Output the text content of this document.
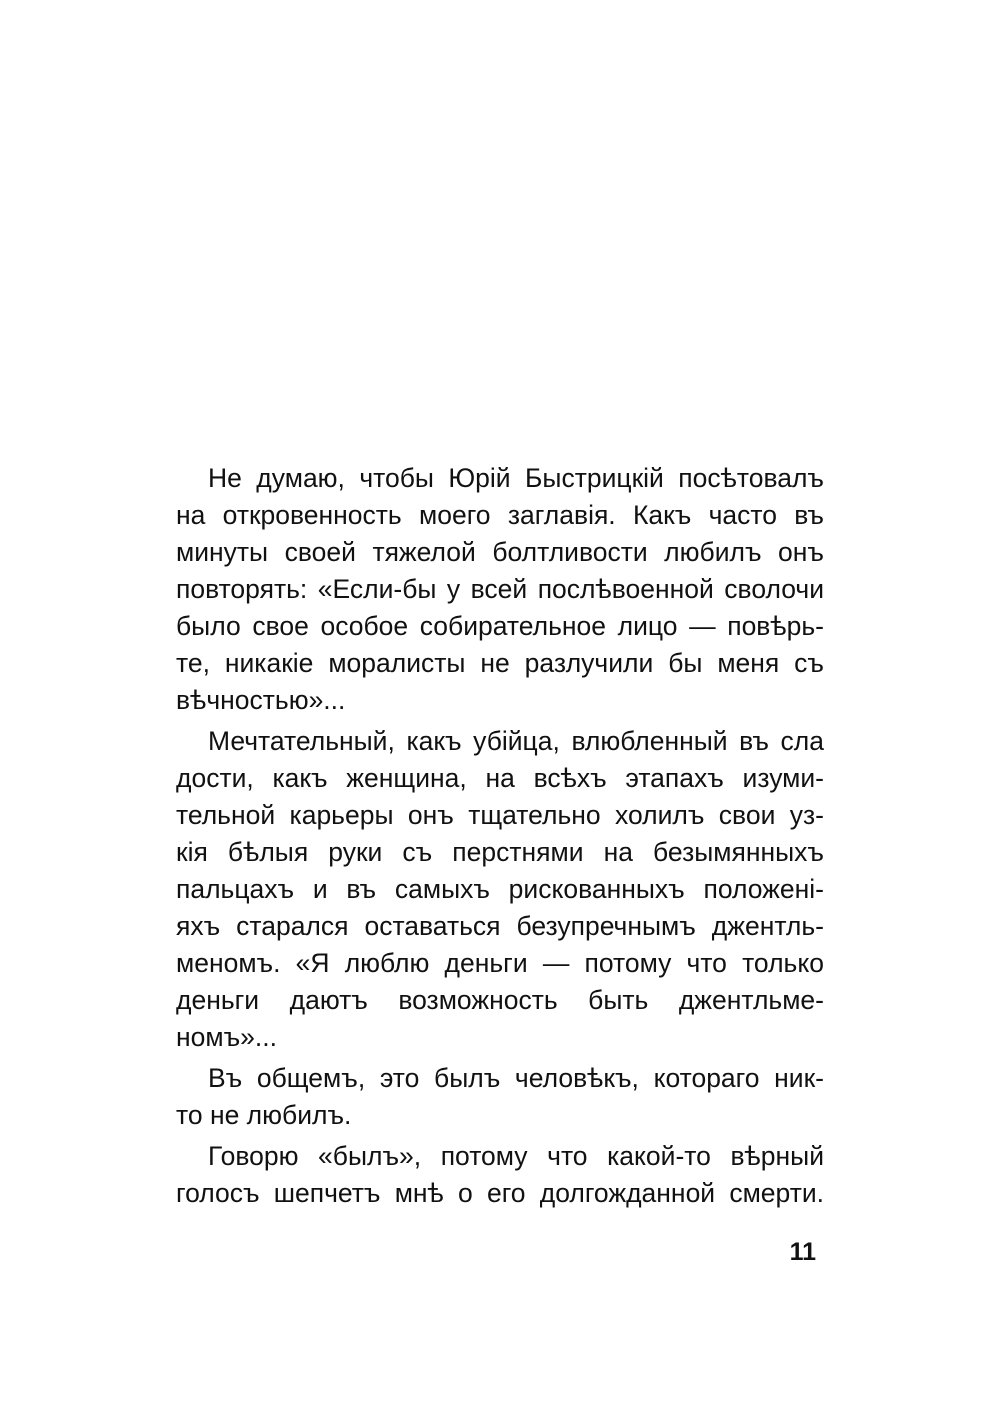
Не думаю, чтобы Юрій Быстрицкій посѣтовалъ
на откровенность моего заглавія. Какъ часто въ
минуты своей тяжелой болтливости любилъ онъ
повторять: «Если-бы у всей послѣвоенной сволочи
было свое особое собирательное лицо — повѣрь-
те, никакіе моралисты не разлучили бы меня съ
вѣчностью»...
Мечтательный, какъ убійца, влюбленный въ сла
дости, какъ женщина, на всѣхъ этапахъ изуми-
тельной карьеры онъ тщательно холилъ свои уз-
кія бѣлыя руки съ перстнями на безымянныхъ
пальцахъ и въ самыхъ рискованныхъ положені-
яхъ старался оставаться безупречнымъ джентль-
меномъ. «Я люблю деньги — потому что только
деньги даютъ возможность быть джентльме-
номъ»...
Въ общемъ, это былъ человѣкъ, котораго ник-
то не любилъ.
Говорю «былъ», потому что какой-то вѣрный
голосъ шепчетъ мнѣ о его долгожданной смерти.
11
